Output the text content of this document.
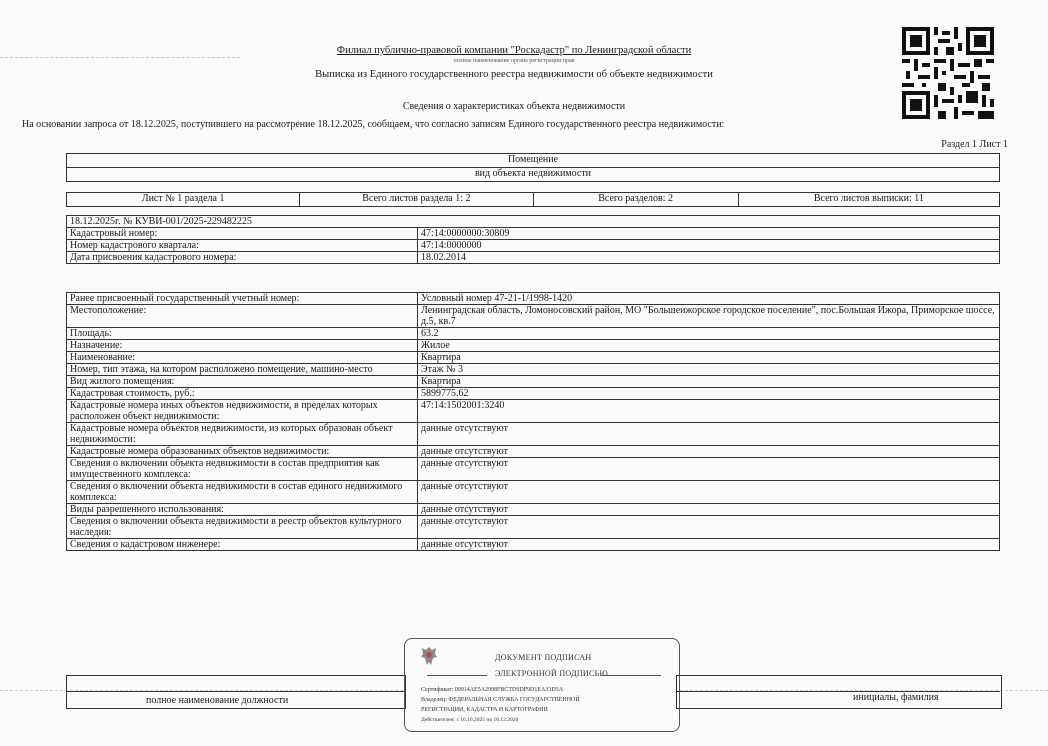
Филиал публично-правовой компании "Роскадастр" по Ленинградской области
полное наименование органа регистрации прав
Выписка из Единого государственного реестра недвижимости об объекте недвижимости
Сведения о характеристиках объекта недвижимости
На основании запроса от 18.12.2025, поступившего на рассмотрение 18.12.2025, сообщаем, что согласно записям Единого государственного реестра недвижимости:
Раздел 1 Лист 1
Помещение
вид объекта недвижимости
Лист № 1 раздела 1	Всего листов раздела 1: 2	Всего разделов: 2	Всего листов выписки: 11
18.12.2025г. № КУВИ-001/2025-229482225	
Кадастровый номер:	47:14:0000000:30809
Номер кадастрового квартала:	47:14:0000000
Дата присвоения кадастрового номера:	18.02.2014
Ранее присвоенный государственный учетный номер:	Условный номер 47-21-1/1998-1420
Местоположение:	Ленинградская область, Ломоносовский район, МО "Большеижорское городское поселение", пос.Большая Ижора, Приморское шоссе, д.5, кв.7
Площадь:	63.2
Назначение:	Жилое
Наименование:	Квартира
Номер, тип этажа, на котором расположено помещение, машино-место	Этаж № 3
Вид жилого помещения:	Квартира
Кадастровая стоимость, руб.:	5899775.62
Кадастровые номера иных объектов недвижимости, в пределах которых расположен объект недвижимости:	47:14:1502001:3240
Кадастровые номера объектов недвижимости, из которых образован объект недвижимости:	данные отсутствуют
Кадастровые номера образованных объектов недвижимости:	данные отсутствуют
Сведения о включении объекта недвижимости в состав предприятия как имущественного комплекса:	данные отсутствуют
Сведения о включении объекта недвижимости в состав единого недвижимого комплекса:	данные отсутствуют
Виды разрешенного использования:	данные отсутствуют
Сведения о включении объекта недвижимости в реестр объектов культурного наследия:	данные отсутствуют
Сведения о кадастровом инженере:	данные отсутствуют
ДОКУМЕНТ ПОДПИСАН
ЭЛЕКТРОННОЙ ПОДПИСЬЮ
Сертификат: 00914AE5A2998FBCTD9DP9D1EA33D5A
Владелец: ФЕДЕРАЛЬНАЯ СЛУЖБА ГОСУДАРСТВЕННОЙ
РЕГИСТРАЦИИ, КАДАСТРА И КАРТОГРАФИИ
Действителен: с 16.10.2025 по 16.12.2026
полное наименование должности	инициалы, фамилия
